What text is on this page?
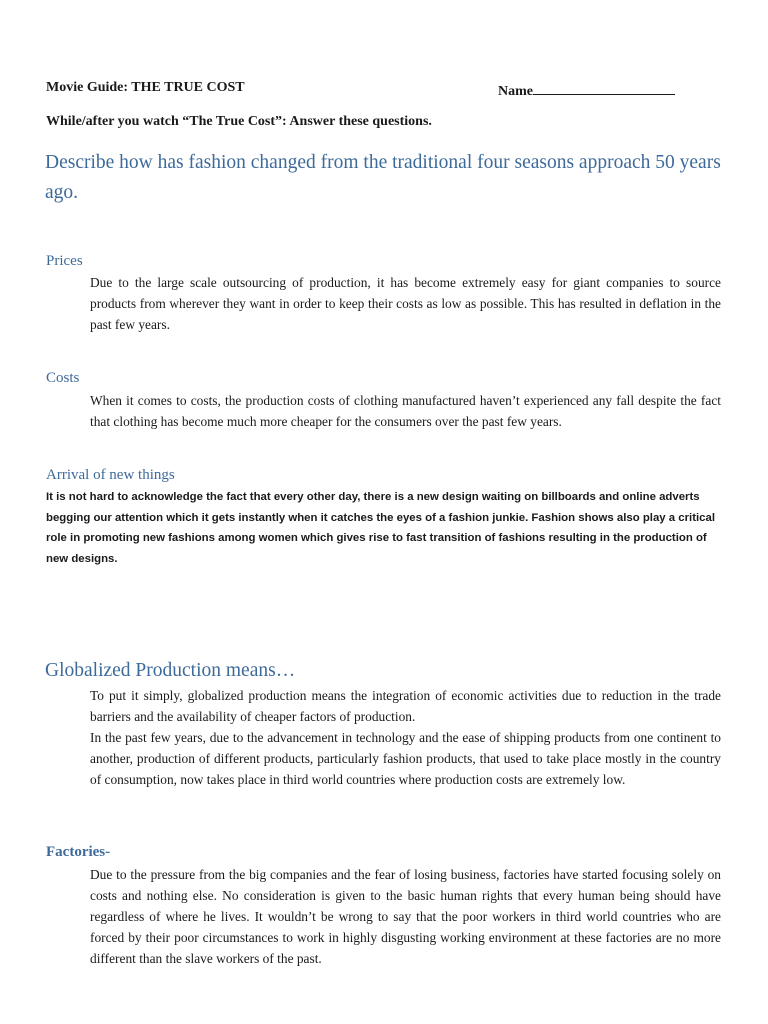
Movie Guide: THE TRUE COST	Name
While/after you watch “The True Cost”: Answer these questions.
Describe how has fashion changed from the traditional four seasons approach 50 years ago.
Prices
Due to the large scale outsourcing of production, it has become extremely easy for giant companies to source products from wherever they want in order to keep their costs as low as possible. This has resulted in deflation in the past few years.
Costs
When it comes to costs, the production costs of clothing manufactured haven’t experienced any fall despite the fact that clothing has become much more cheaper for the consumers over the past few years.
Arrival of new things
It is not hard to acknowledge the fact that every other day, there is a new design waiting on billboards and online adverts begging our attention which it gets instantly when it catches the eyes of a fashion junkie. Fashion shows also play a critical role in promoting new fashions among women which gives rise to fast transition of fashions resulting in the production of new designs.
Globalized Production means…

To put it simply, globalized production means the integration of economic activities due to reduction in the trade barriers and the availability of cheaper factors of production.

In the past few years, due to the advancement in technology and the ease of shipping products from one continent to another, production of different products, particularly fashion products, that used to take place mostly in the country of consumption, now takes place in third world countries where production costs are extremely low.

Factories-
Due to the pressure from the big companies and the fear of losing business, factories have started focusing solely on costs and nothing else. No consideration is given to the basic human rights that every human being should have regardless of where he lives. It wouldn’t be wrong to say that the poor workers in third world countries who are forced by their poor circumstances to work in highly disgusting working environment at these factories are no more different than the slave workers of the past.
